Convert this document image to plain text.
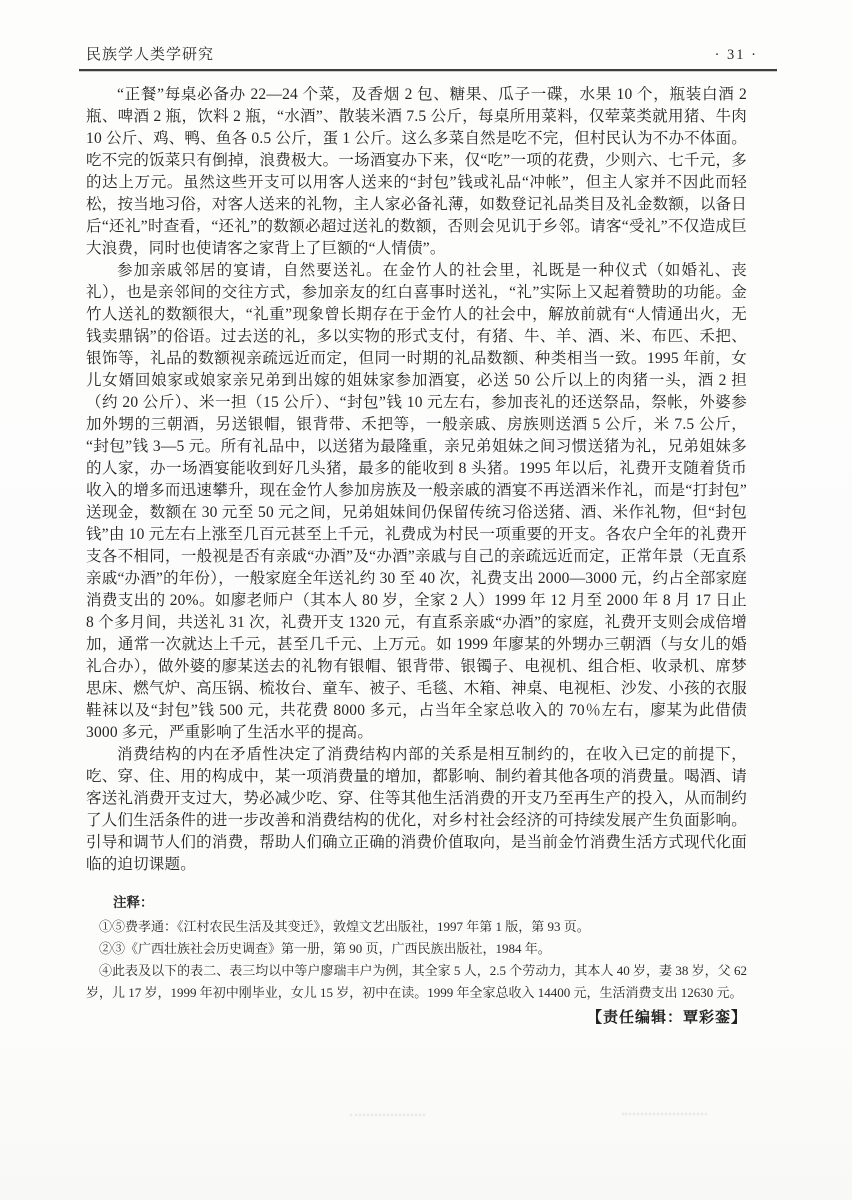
民族学人类学研究	· 31 ·

“正餐”每桌必备办 22—24 个菜，及香烟 2 包、糖果、瓜子一碟，水果 10 个，瓶装白酒 2 瓶、啤酒 2 瓶，饮料 2 瓶，“水酒”、散装米酒 7.5 公斤，每桌所用菜料，仅荤菜类就用猪、牛肉 10 公斤、鸡、鸭、鱼各 0.5 公斤，蛋 1 公斤。这么多菜自然是吃不完，但村民认为不办不体面。吃不完的饭菜只有倒掉，浪费极大。一场酒宴办下来，仅“吃”一项的花费，少则六、七千元，多的达上万元。虽然这些开支可以用客人送来的“封包”钱或礼品“冲帐”，但主人家并不因此而轻松，按当地习俗，对客人送来的礼物，主人家必备礼薄，如数登记礼品类目及礼金数额，以备日后“还礼”时查看，“还礼”的数额必超过送礼的数额，否则会见讥于乡邻。请客“受礼”不仅造成巨大浪费，同时也使请客之家背上了巨额的“人情债”。

参加亲戚邻居的宴请，自然要送礼。在金竹人的社会里，礼既是一种仪式（如婚礼、丧礼），也是亲邻间的交往方式，参加亲友的红白喜事时送礼，“礼”实际上又起着赞助的功能。金竹人送礼的数额很大，“礼重”现象曾长期存在于金竹人的社会中，解放前就有“人情通出火，无钱卖鼎锅”的俗语。过去送的礼，多以实物的形式支付，有猪、牛、羊、酒、米、布匹、禾把、银饰等，礼品的数额视亲疏远近而定，但同一时期的礼品数额、种类相当一致。1995 年前，女儿女婿回娘家或娘家亲兄弟到出嫁的姐妹家参加酒宴，必送 50 公斤以上的肉猪一头，酒 2 担（约 20 公斤）、米一担（15 公斤）、“封包”钱 10 元左右，参加丧礼的还送祭品，祭帐，外婆参加外甥的三朝酒，另送银帽，银背带、禾把等，一般亲戚、房族则送酒 5 公斤，米 7.5 公斤，“封包”钱 3—5 元。所有礼品中，以送猪为最隆重，亲兄弟姐妹之间习惯送猪为礼，兄弟姐妹多的人家，办一场酒宴能收到好几头猪，最多的能收到 8 头猪。1995 年以后，礼费开支随着货币收入的增多而迅速攀升，现在金竹人参加房族及一般亲戚的酒宴不再送酒米作礼，而是“打封包”送现金，数额在 30 元至 50 元之间，兄弟姐妹间仍保留传统习俗送猪、酒、米作礼物，但“封包钱”由 10 元左右上涨至几百元甚至上千元，礼费成为村民一项重要的开支。各农户全年的礼费开支各不相同，一般视是否有亲戚“办酒”及“办酒”亲戚与自己的亲疏远近而定，正常年景（无直系亲戚“办酒”的年份），一般家庭全年送礼约 30 至 40 次，礼费支出 2000—3000 元，约占全部家庭消费支出的 20%。如廖老师户（其本人 80 岁，全家 2 人）1999 年 12 月至 2000 年 8 月 17 日止 8 个多月间，共送礼 31 次，礼费开支 1320 元，有直系亲戚“办酒”的家庭，礼费开支则会成倍增加，通常一次就达上千元，甚至几千元、上万元。如 1999 年廖某的外甥办三朝酒（与女儿的婚礼合办），做外婆的廖某送去的礼物有银帽、银背带、银镯子、电视机、组合柜、收录机、席梦思床、燃气炉、高压锅、梳妆台、童车、被子、毛毯、木箱、神桌、电视柜、沙发、小孩的衣服鞋袜以及“封包”钱 500 元，共花费 8000 多元，占当年全家总收入的 70％左右，廖某为此借债 3000 多元，严重影响了生活水平的提高。

消费结构的内在矛盾性决定了消费结构内部的关系是相互制约的，在收入已定的前提下，吃、穿、住、用的构成中，某一项消费量的增加，都影响、制约着其他各项的消费量。喝酒、请客送礼消费开支过大，势必减少吃、穿、住等其他生活消费的开支乃至再生产的投入，从而制约了人们生活条件的进一步改善和消费结构的优化，对乡村社会经济的可持续发展产生负面影响。引导和调节人们的消费，帮助人们确立正确的消费价值取向，是当前金竹消费生活方式现代化面临的迫切课题。

注释：

①⑤费孝通：《江村农民生活及其变迁》，敦煌文艺出版社，1997 年第 1 版，第 93 页。

②③《广西壮族社会历史调查》第一册，第 90 页，广西民族出版社，1984 年。

④此表及以下的表二、表三均以中等户廖瑞丰户为例，其全家 5 人，2.5 个劳动力，其本人 40 岁，妻 38 岁，父 62 岁，儿 17 岁，1999 年初中刚毕业，女儿 15 岁，初中在读。1999 年全家总收入 14400 元，生活消费支出 12630 元。

【责任编辑：覃彩銮】
